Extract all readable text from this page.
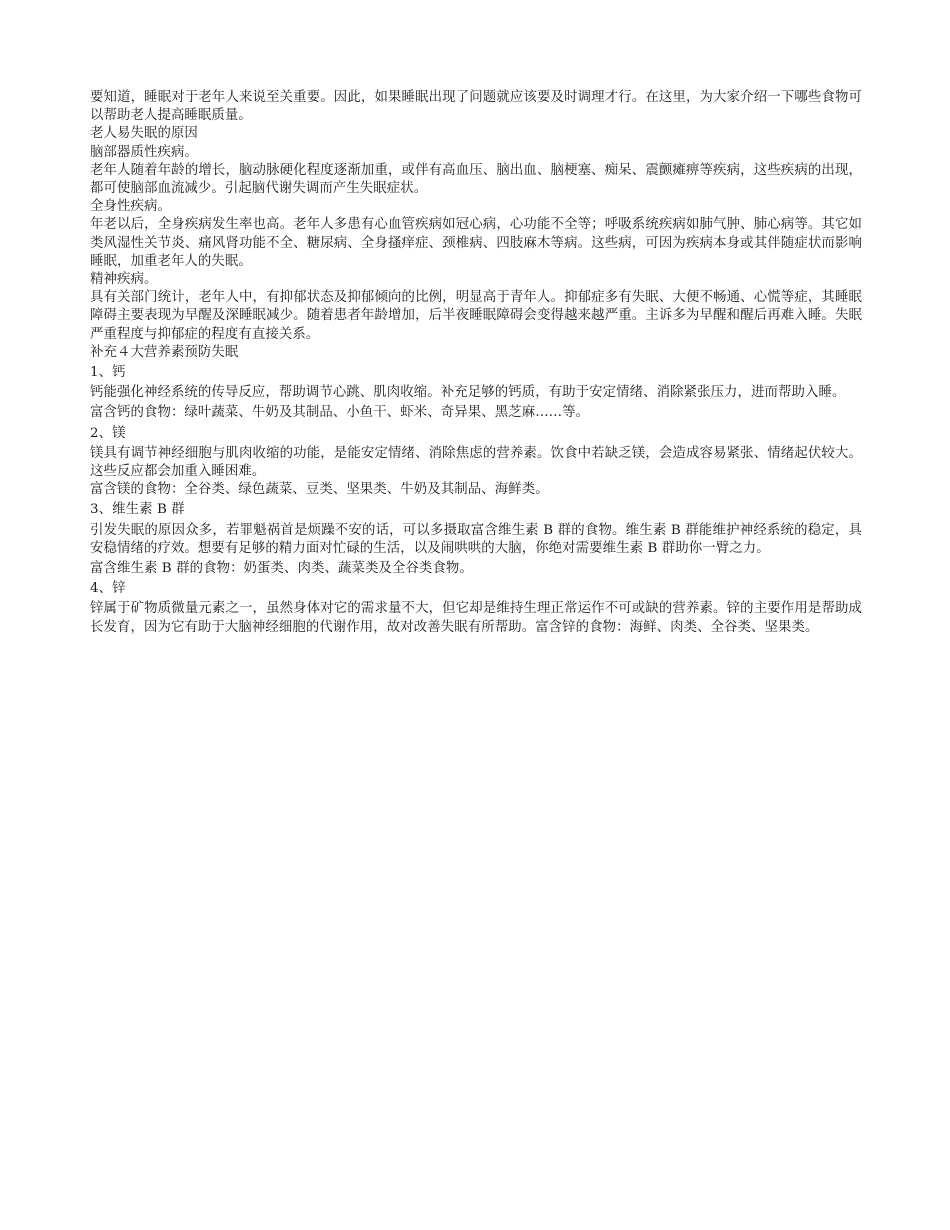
要知道，睡眠对于老年人来说至关重要。因此，如果睡眠出现了问题就应该要及时调理才行。在这里，为大家介绍一下哪些食物可以帮助老人提高睡眠质量。

老人易失眠的原因

脑部器质性疾病。

老年人随着年龄的增长，脑动脉硬化程度逐渐加重，或伴有高血压、脑出血、脑梗塞、痴呆、震颤瘫痹等疾病，这些疾病的出现，都可使脑部血流减少。引起脑代谢失调而产生失眠症状。

全身性疾病。

年老以后，全身疾病发生率也高。老年人多患有心血管疾病如冠心病，心功能不全等；呼吸系统疾病如肺气肿、肺心病等。其它如类风湿性关节炎、痛风肾功能不全、糖尿病、全身搔痒症、颈椎病、四肢麻木等病。这些病，可因为疾病本身或其伴随症状而影响睡眠，加重老年人的失眠。

精神疾病。

具有关部门统计，老年人中，有抑郁状态及抑郁倾向的比例，明显高于青年人。抑郁症多有失眠、大便不畅通、心慌等症，其睡眠障碍主要表现为早醒及深睡眠减少。随着患者年龄增加，后半夜睡眠障碍会变得越来越严重。主诉多为早醒和醒后再难入睡。失眠严重程度与抑郁症的程度有直接关系。

补充４大营养素预防失眠

1、钙

钙能强化神经系统的传导反应，帮助调节心跳、肌肉收缩。补充足够的钙质，有助于安定情绪、消除紧张压力，进而帮助入睡。

富含钙的食物：绿叶蔬菜、牛奶及其制品、小鱼干、虾米、奇异果、黑芝麻……等。

2、镁

镁具有调节神经细胞与肌肉收缩的功能，是能安定情绪、消除焦虑的营养素。饮食中若缺乏镁，会造成容易紧张、情绪起伏较大。这些反应都会加重入睡困难。

富含镁的食物：全谷类、绿色蔬菜、豆类、坚果类、牛奶及其制品、海鲜类。

3、维生素 B 群

引发失眠的原因众多，若罪魁祸首是烦躁不安的话，可以多摄取富含维生素 B 群的食物。维生素 B 群能维护神经系统的稳定，具安稳情绪的疗效。想要有足够的精力面对忙碌的生活，以及闹哄哄的大脑，你绝对需要维生素 B 群助你一臂之力。

富含维生素 B 群的食物：奶蛋类、肉类、蔬菜类及全谷类食物。

4、锌

锌属于矿物质微量元素之一，虽然身体对它的需求量不大，但它却是维持生理正常运作不可或缺的营养素。锌的主要作用是帮助成长发育，因为它有助于大脑神经细胞的代谢作用，故对改善失眠有所帮助。富含锌的食物：海鲜、肉类、全谷类、坚果类。
